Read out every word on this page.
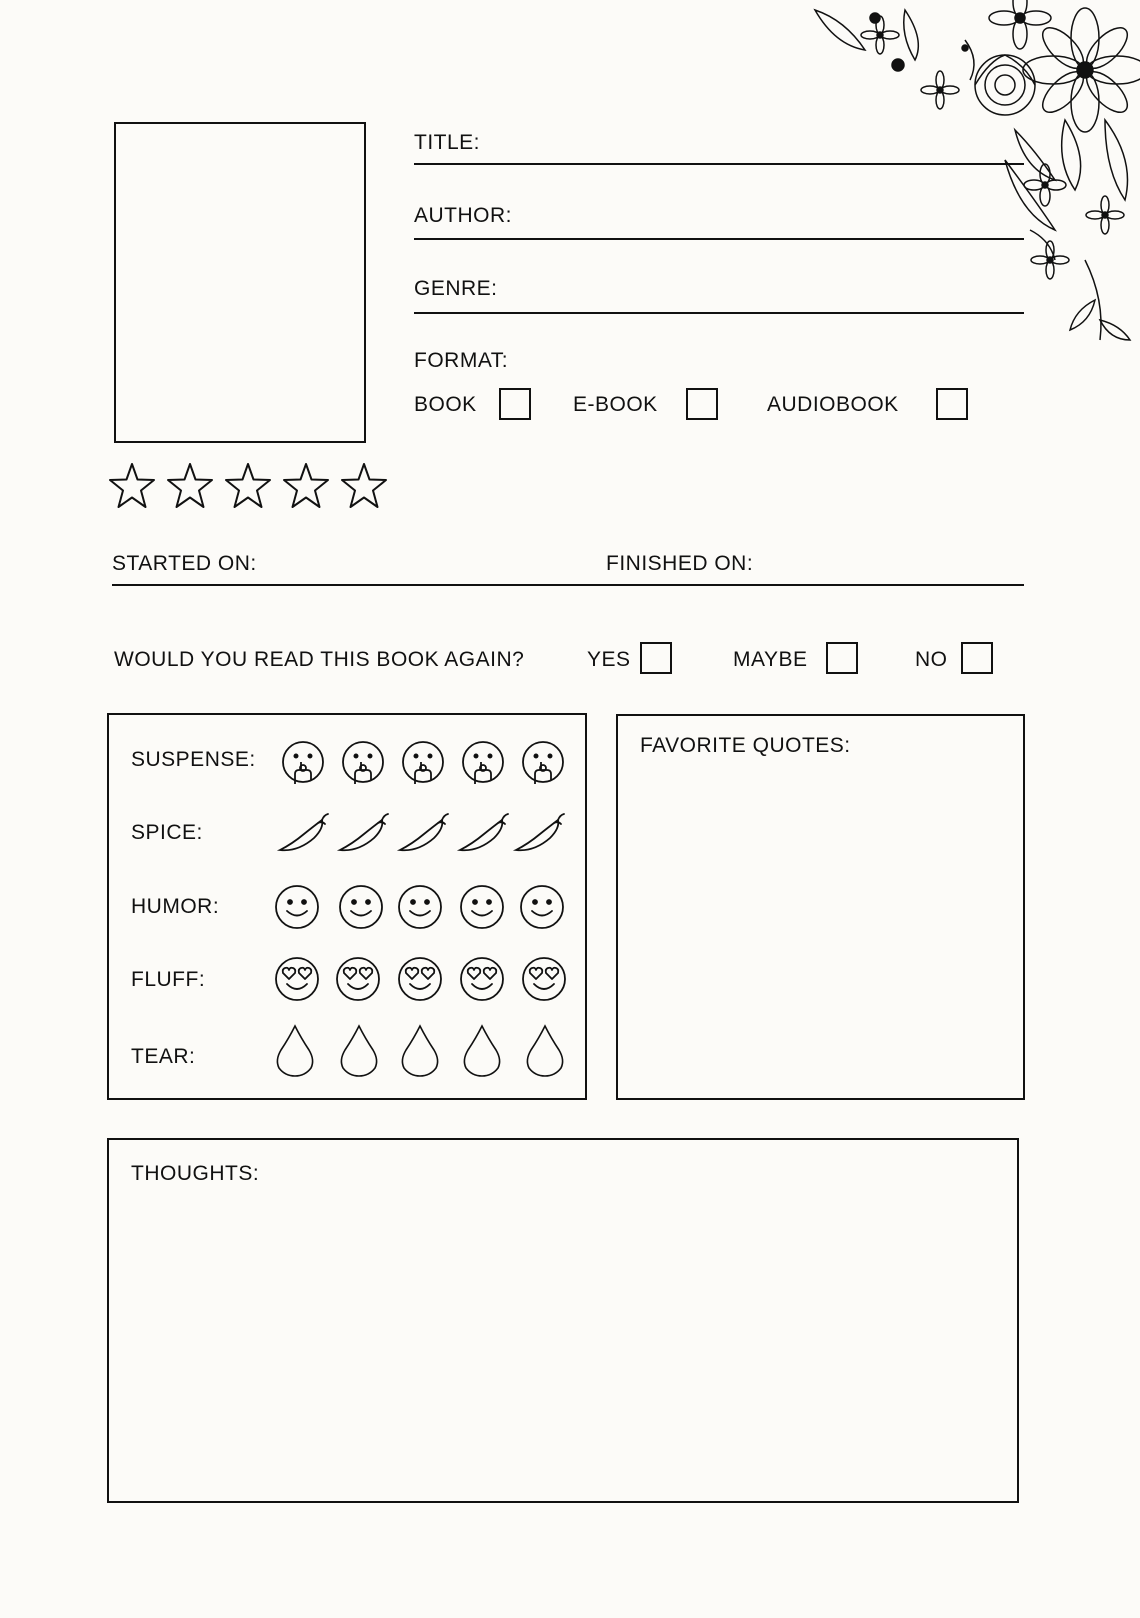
TITLE:
AUTHOR:
GENRE:
FORMAT:
BOOK	E-BOOK	AUDIOBOOK
STARTED ON:	FINISHED ON:
WOULD YOU READ THIS BOOK AGAIN?	YES	MAYBE	NO
SUSPENSE:
SPICE:
HUMOR:
FLUFF:
TEAR:
FAVORITE QUOTES:
THOUGHTS:
